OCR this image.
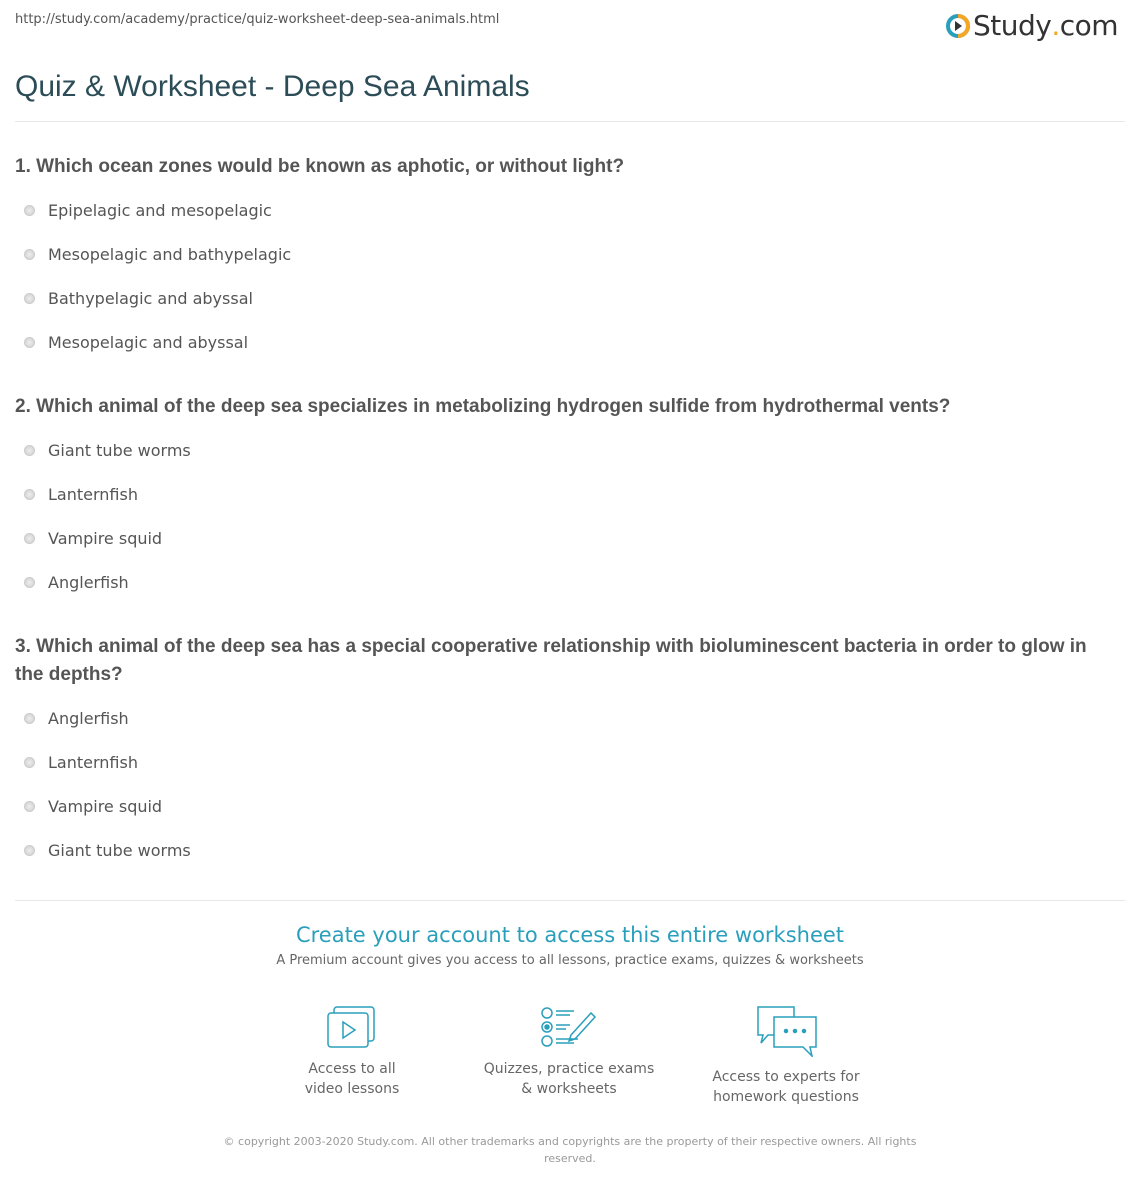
http://study.com/academy/practice/quiz-worksheet-deep-sea-animals.html	Study . com
Quiz & Worksheet - Deep Sea Animals
1. Which ocean zones would be known as aphotic, or without light?
Epipelagic and mesopelagic
Mesopelagic and bathypelagic
Bathypelagic and abyssal
Mesopelagic and abyssal
2. Which animal of the deep sea specializes in metabolizing hydrogen sulfide from hydrothermal vents?
Giant tube worms
Lanternfish
Vampire squid
Anglerfish
3. Which animal of the deep sea has a special cooperative relationship with bioluminescent bacteria in order to glow in the depths?
Anglerfish
Lanternfish
Vampire squid
Giant tube worms
Create your account to access this entire worksheet

A Premium account gives you access to all lessons, practice exams, quizzes & worksheets

Access to all
video lessons
Quizzes, practice exams
& worksheets
Access to experts for
homework questions
© copyright 2003-2020 Study.com. All other trademarks and copyrights are the property of their respective owners. All rights reserved.
